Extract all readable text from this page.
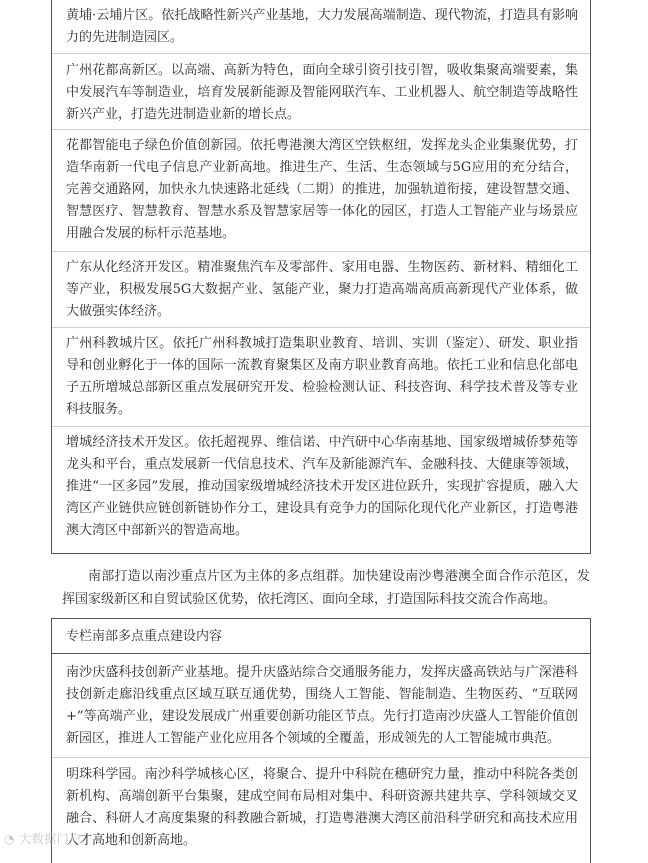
黄埔·云埔片区。依托战略性新兴产业基地，大力发展高端制造、现代物流，打造具有影响力的先进制造园区。

广州花都高新区。以高端、高新为特色，面向全球引资引技引智，吸收集聚高端要素，集中发展汽车等制造业，培育发展新能源及智能网联汽车、工业机器人、航空制造等战略性新兴产业，打造先进制造业新的增长点。

花都智能电子绿色价值创新园。依托粤港澳大湾区空铁枢纽，发挥龙头企业集聚优势，打造华南新一代电子信息产业新高地。推进生产、生活、生态领域与5G应用的充分结合，完善交通路网，加快永九快速路北延线（二期）的推进，加强轨道衔接，建设智慧交通、智慧医疗、智慧教育、智慧水系及智慧家居等一体化的园区，打造人工智能产业与场景应用融合发展的标杆示范基地。

广东从化经济开发区。精准聚焦汽车及零部件、家用电器、生物医药、新材料、精细化工等产业，积极发展5G大数据产业、氢能产业，聚力打造高端高质高新现代产业体系，做大做强实体经济。

广州科教城片区。依托广州科教城打造集职业教育、培训、实训（鉴定）、研发、职业指导和创业孵化于一体的国际一流教育聚集区及南方职业教育高地。依托工业和信息化部电子五所增城总部新区重点发展研究开发、检验检测认证、科技咨询、科学技术普及等专业科技服务。

增城经济技术开发区。依托超视界、维信诺、中汽研中心华南基地、国家级增城侨梦苑等龙头和平台，重点发展新一代信息技术、汽车及新能源汽车、金融科技、大健康等领域，推进“一区多园”发展，推动国家级增城经济技术开发区进位跃升，实现扩容提质，融入大湾区产业链供应链创新链协作分工，建设具有竞争力的国际化现代化产业新区，打造粤港澳大湾区中部新兴的智造高地。

南部打造以南沙重点片区为主体的多点组群。加快建设南沙粤港澳全面合作示范区，发挥国家级新区和自贸试验区优势，依托湾区、面向全球，打造国际科技交流合作高地。

专栏南部多点重点建设内容

南沙庆盛科技创新产业基地。提升庆盛站综合交通服务能力，发挥庆盛高铁站与广深港科技创新走廊沿线重点区域互联互通优势，围绕人工智能、智能制造、生物医药、“互联网+”等高端产业，建设发展成广州重要创新功能区节点。先行打造南沙庆盛人工智能价值创新园区，推进人工智能产业化应用各个领域的全覆盖，形成领先的人工智能城市典范。

明珠科学园。南沙科学城核心区，将聚合、提升中科院在穗研究力量，推动中科院各类创新机构、高端创新平台集聚，建成空间布局相对集中、科研资源共建共享、学科领域交叉融合、科研人才高度集聚的科教融合新城，打造粤港澳大湾区前沿科学研究和高技术应用人才高地和创新高地。

◔ 大数据门户
